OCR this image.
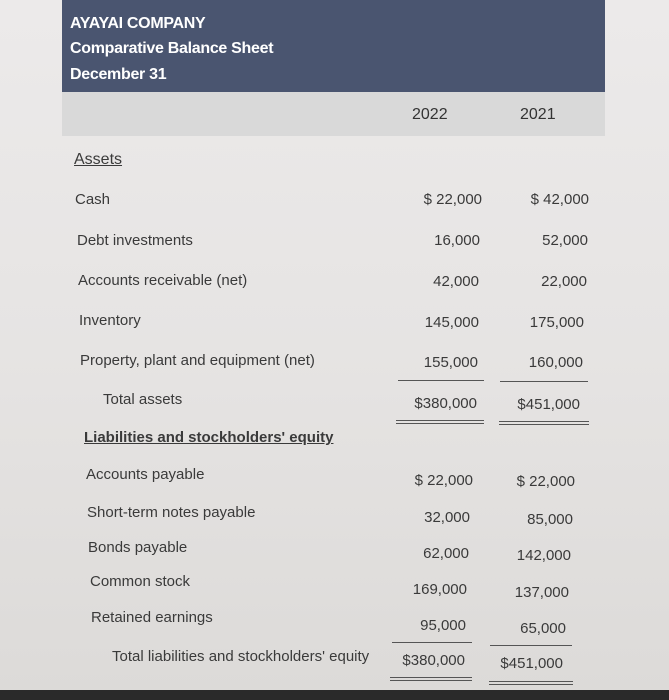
AYAYAI COMPANY
Comparative Balance Sheet
December 31
2022	2021
Assets
Cash	$ 22,000	$ 42,000
Debt investments	16,000	52,000
Accounts receivable (net)	42,000	22,000
Inventory	145,000	175,000
Property, plant and equipment (net)	155,000	160,000
Total assets	$380,000	$451,000
Liabilities and stockholders' equity
Accounts payable	$ 22,000	$ 22,000
Short-term notes payable	32,000	85,000
Bonds payable	62,000	142,000
Common stock	169,000	137,000
Retained earnings	95,000	65,000
Total liabilities and stockholders' equity $380,000 $451,000
